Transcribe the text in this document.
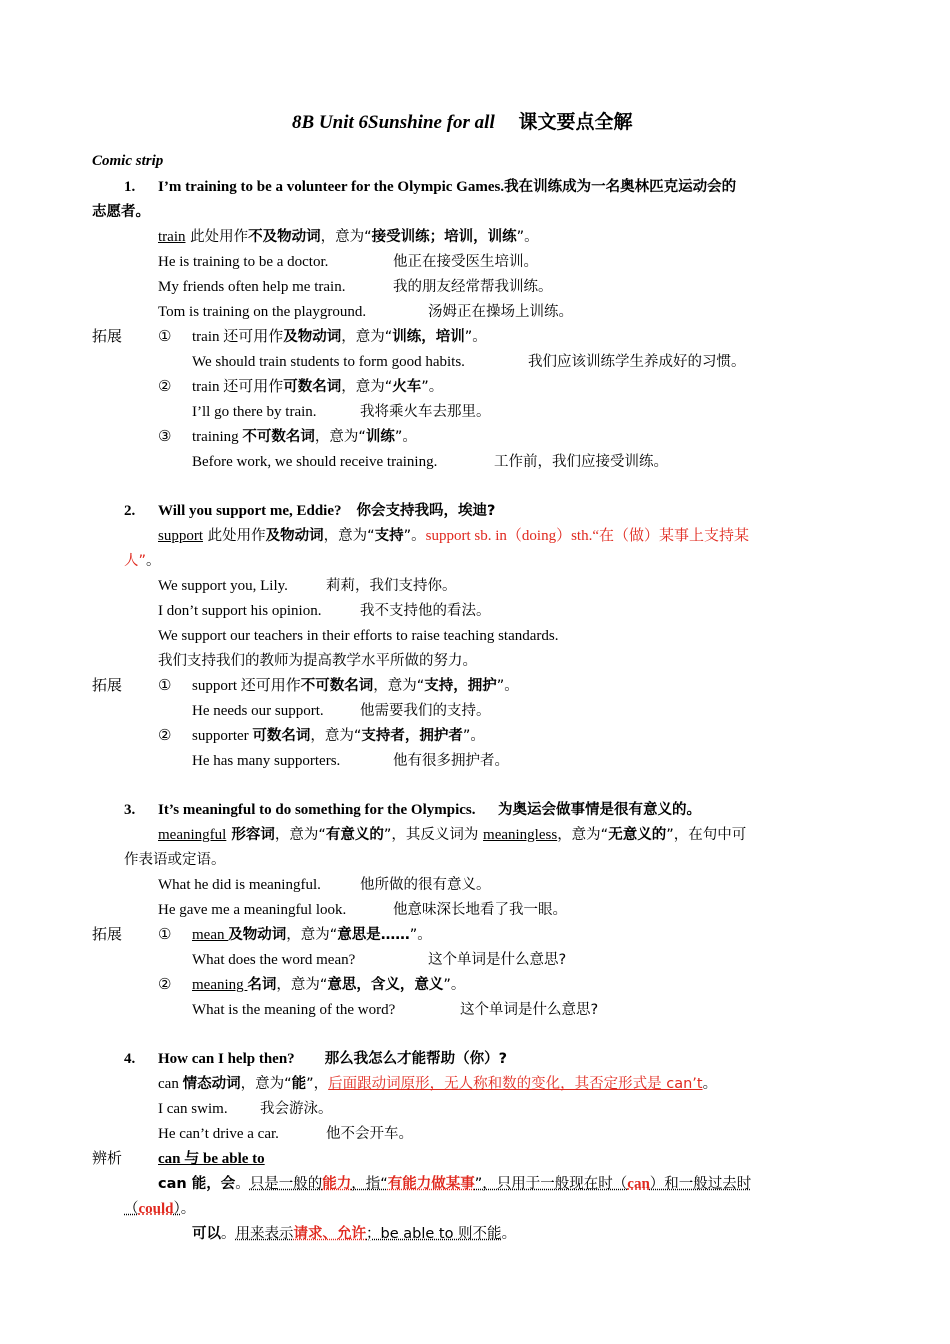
8B Unit 6Sunshine for all 课文要点全解
Comic strip
1. I’m training to be a volunteer for the Olympic Games.我在训练成为一名奥林匹克运动会的
志愿者。
train 此处用作不及物动词，意为“接受训练；培训，训练”。
He is training to be a doctor.	他正在接受医生培训。
My friends often help me train.	我的朋友经常帮我训练。
Tom is training on the playground.	汤姆正在操场上训练。
拓展 ① train 还可用作及物动词，意为“训练，培训”。
We should train students to form good habits.	我们应该训练学生养成好的习惯。
② train 还可用作可数名词，意为“火车”。
I’ll go there by train.	我将乘火车去那里。
③ training 不可数名词，意为“训练”。
Before work, we should receive training.	工作前，我们应接受训练。
2. Will you support me, Eddie? 你会支持我吗，埃迪?
support 此处用作及物动词，意为“支持”。support sb. in（doing）sth.“在（做）某事上支持某
人”。
We support you, Lily.	莉莉，我们支持你。
I don’t support his opinion.	我不支持他的看法。
We support our teachers in their efforts to raise teaching standards.
我们支持我们的教师为提高教学水平所做的努力。
拓展 ① support 还可用作不可数名词，意为“支持，拥护”。
He needs our support.	他需要我们的支持。
② supporter 可数名词，意为“支持者，拥护者”。
He has many supporters.	他有很多拥护者。
3. It’s meaningful to do something for the Olympics. 为奥运会做事情是很有意义的。
meaningful 形容词，意为“有意义的”，其反义词为 meaningless，意为“无意义的”，在句中可
作表语或定语。
What he did is meaningful.	他所做的很有意义。
He gave me a meaningful look.	他意味深长地看了我一眼。
拓展 ① mean 及物动词，意为“意思是……”。
What does the word mean?	这个单词是什么意思?
② meaning 名词，意为“意思，含义，意义”。
What is the meaning of the word?	这个单词是什么意思?
4. How can I help then? 那么我怎么才能帮助（你）?
can 情态动词，意为“能”，后面跟动词原形，无人称和数的变化，其否定形式是 can’t。
I can swim. 我会游泳。
He can’t drive a car.	他不会开车。
辨析 can 与 be able to
can 能，会。只是一般的能力，指“有能力做某事”，只用于一般现在时（can）和一般过去时
（could）。
可以。用来表示请求、允许；be able to 则不能。
